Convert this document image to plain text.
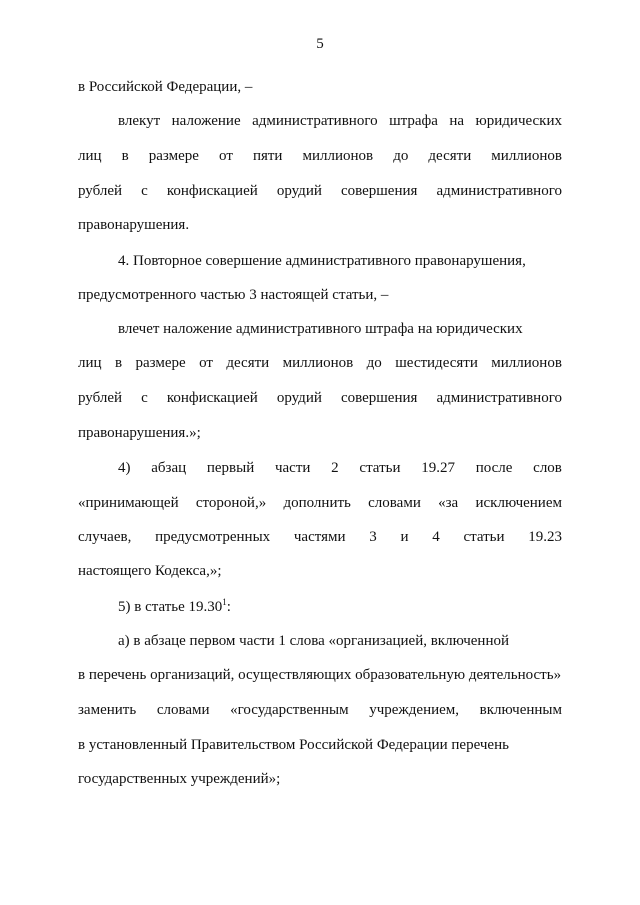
5
в Российской Федерации, –
влекут наложение административного штрафа на юридических
лиц в размере от пяти миллионов до десяти миллионов
рублей с конфискацией орудий совершения административного
правонарушения.
4. Повторное совершение административного правонарушения,
предусмотренного частью 3 настоящей статьи, –
влечет наложение административного штрафа на юридических
лиц в размере от десяти миллионов до шестидесяти миллионов
рублей с конфискацией орудий совершения административного
правонарушения.»;
4) абзац первый части 2 статьи 19.27 после слов
«принимающей стороной,» дополнить словами «за исключением
случаев, предусмотренных частями 3 и 4 статьи 19.23
настоящего Кодекса,»;
5) в статье 19.30$^1$:
а) в абзаце первом части 1 слова «организацией, включенной
в перечень организаций, осуществляющих образовательную деятельность»
заменить словами «государственным учреждением, включенным
в установленный Правительством Российской Федерации перечень
государственных учреждений»;
